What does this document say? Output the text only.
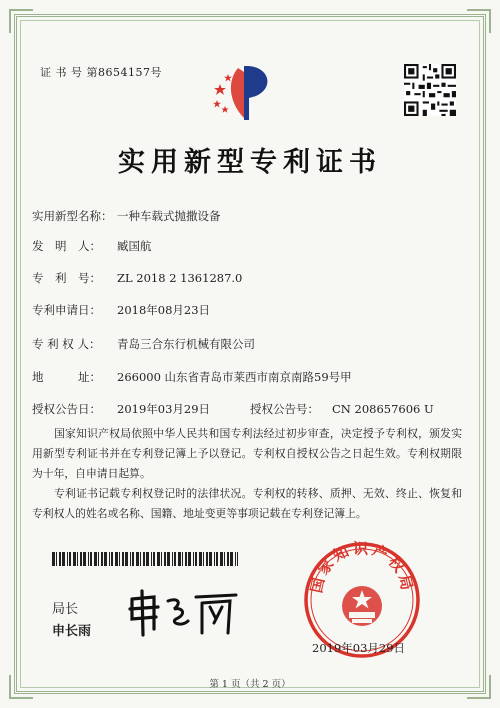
证 书 号 第8654157号
实用新型专利证书
实用新型名称： 一种车载式抛撒设备
发　明　人： 臧国航
专　利　号： ZL 2018 2 1361287.0
专利申请日： 2018年08月23日
专 利 权 人： 青岛三合东行机械有限公司
地　　　址： 266000 山东省青岛市莱西市南京南路59号甲
授权公告日： 2019年03月29日	授权公告号： CN 208657606 U

国家知识产权局依照中华人民共和国专利法经过初步审查，决定授予专利权，颁发实用新型专利证书并在专利登记簿上予以登记。专利权自授权公告之日起生效。专利权期限为十年，自申请日起算。

专利证书记载专利权登记时的法律状况。专利权的转移、质押、无效、终止、恢复和专利权人的姓名或名称、国籍、地址变更等事项记载在专利登记簿上。

局长
申长雨
国家知识产权局
2019年03月29日
第 1 页（共 2 页）
